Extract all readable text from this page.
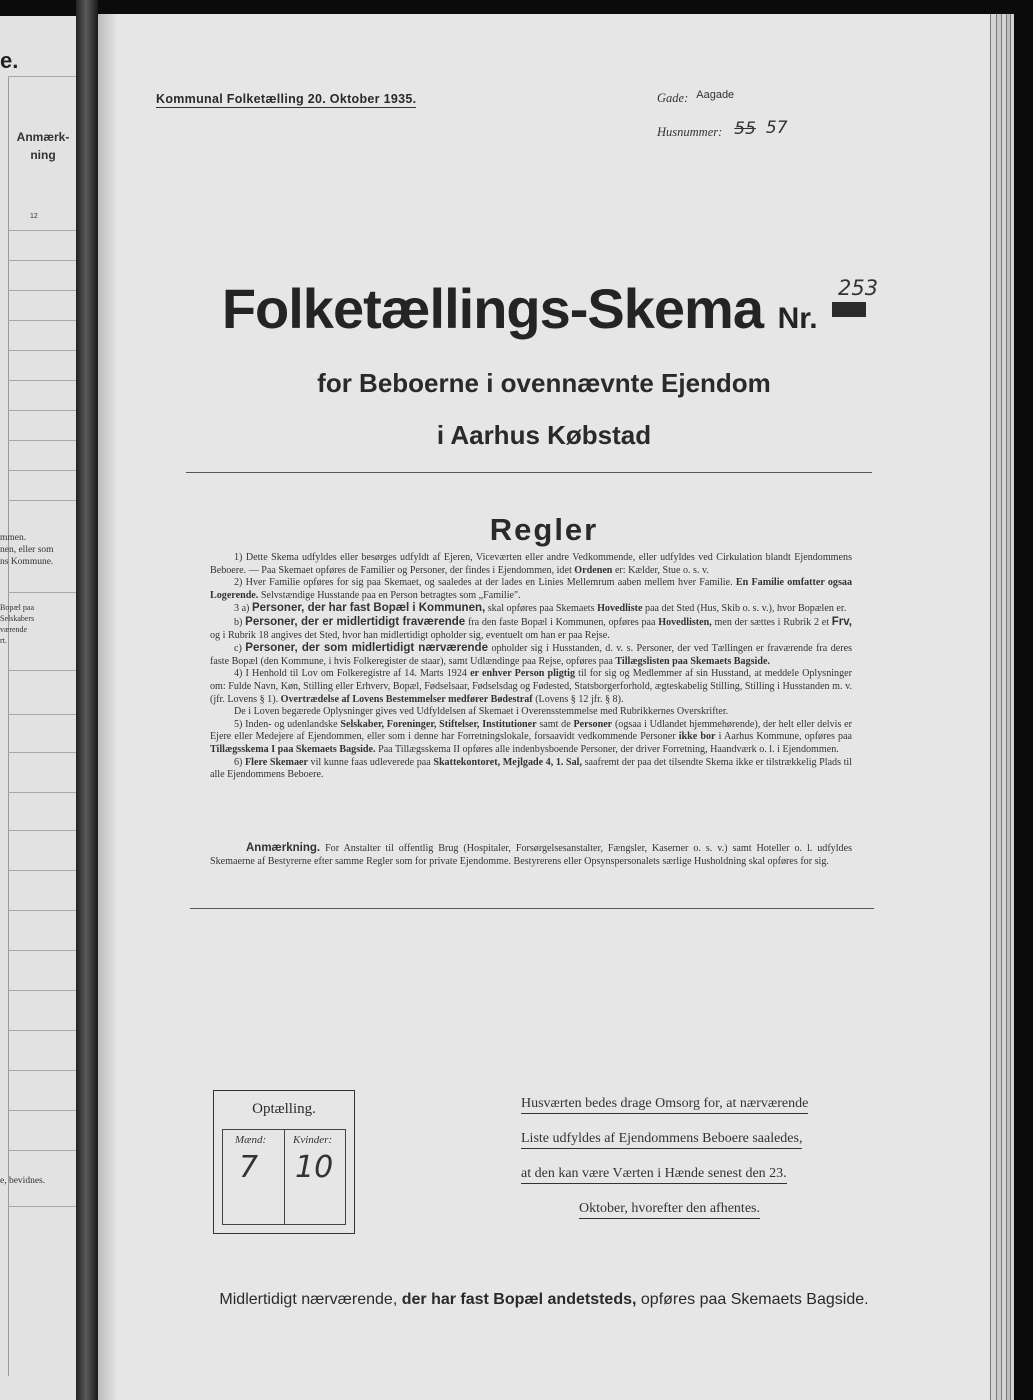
e.
Anmærk-
ning
12
mmen.
nen, eller som
ns Kommune.
Bopæl paa
Selskabers
værende
rt.
e, bevidnes.
Kommunal Folketælling 20. Oktober 1935.	Gade: $^{Aagade}$
Husnummer: 55 57
Folketællings-Skema Nr.
253
for Beboerne i ovennævnte Ejendom
i Aarhus Købstad
Regler

1) Dette Skema udfyldes eller besørges udfyldt af Ejeren, Viceværten eller andre Vedkommende, eller udfyldes ved Cirkulation blandt Ejendommens Beboere. — Paa Skemaet opføres de Familier og Personer, der findes i Ejendommen, idet Ordenen er: Kælder, Stue o. s. v.

2) Hver Familie opføres for sig paa Skemaet, og saaledes at der lades en Linies Mellemrum aaben mellem hver Familie. En Familie omfatter ogsaa Logerende. Selvstændige Husstande paa en Person betragtes som „Familie".

3 a) Personer, der har fast Bopæl i Kommunen, skal opføres paa Skemaets Hovedliste paa det Sted (Hus, Skib o. s. v.), hvor Bopælen er.

b) Personer, der er midlertidigt fraværende fra den faste Bopæl i Kommunen, opføres paa Hovedlisten, men der sættes i Rubrik 2 et Frv, og i Rubrik 18 angives det Sted, hvor han midlertidigt opholder sig, eventuelt om han er paa Rejse.

c) Personer, der som midlertidigt nærværende opholder sig i Husstanden, d. v. s. Personer, der ved Tællingen er fraværende fra deres faste Bopæl (den Kommune, i hvis Folkeregister de staar), samt Udlændinge paa Rejse, opføres paa Tillægslisten paa Skemaets Bagside.

4) I Henhold til Lov om Folkeregistre af 14. Marts 1924 er enhver Person pligtig til for sig og Medlemmer af sin Husstand, at meddele Oplysninger om: Fulde Navn, Køn, Stilling eller Erhverv, Bopæl, Fødselsaar, Fødselsdag og Fødested, Statsborgerforhold, ægteskabelig Stilling, Stilling i Husstanden m. v. (jfr. Lovens § 1). Overtrædelse af Lovens Bestemmelser medfører Bødestraf (Lovens § 12 jfr. § 8).

De i Loven begærede Oplysninger gives ved Udfyldelsen af Skemaet i Overensstemmelse med Rubrikkernes Overskrifter.

5) Inden- og udenlandske Selskaber, Foreninger, Stiftelser, Institutioner samt de Personer (ogsaa i Udlandet hjemmehørende), der helt eller delvis er Ejere eller Medejere af Ejendommen, eller som i denne har Forretningslokale, forsaavidt vedkommende Personer ikke bor i Aarhus Kommune, opføres paa Tillægsskema I paa Skemaets Bagside. Paa Tillægsskema II opføres alle indenbysboende Personer, der driver Forretning, Haandværk o. l. i Ejendommen.

6) Flere Skemaer vil kunne faas udleverede paa Skattekontoret, Mejlgade 4, 1. Sal, saafremt der paa det tilsendte Skema ikke er tilstrækkelig Plads til alle Ejendommens Beboere.

Anmærkning. For Anstalter til offentlig Brug (Hospitaler, Forsørgelsesanstalter, Fængsler, Kaserner o. s. v.) samt Hoteller o. l. udfyldes Skemaerne af Bestyrerne efter samme Regler som for private Ejendomme. Bestyrerens eller Opsynspersonalets særlige Husholdning skal opføres for sig.

Optælling.
Mænd: Kvinder:
7 10
Husværten bedes drage Omsorg for, at nærværende
Liste udfyldes af Ejendommens Beboere saaledes,
at den kan være Værten i Hænde senest den 23.
Oktober, hvorefter den afhentes.
Midlertidigt nærværende, der har fast Bopæl andetsteds, opføres paa Skemaets Bagside.
